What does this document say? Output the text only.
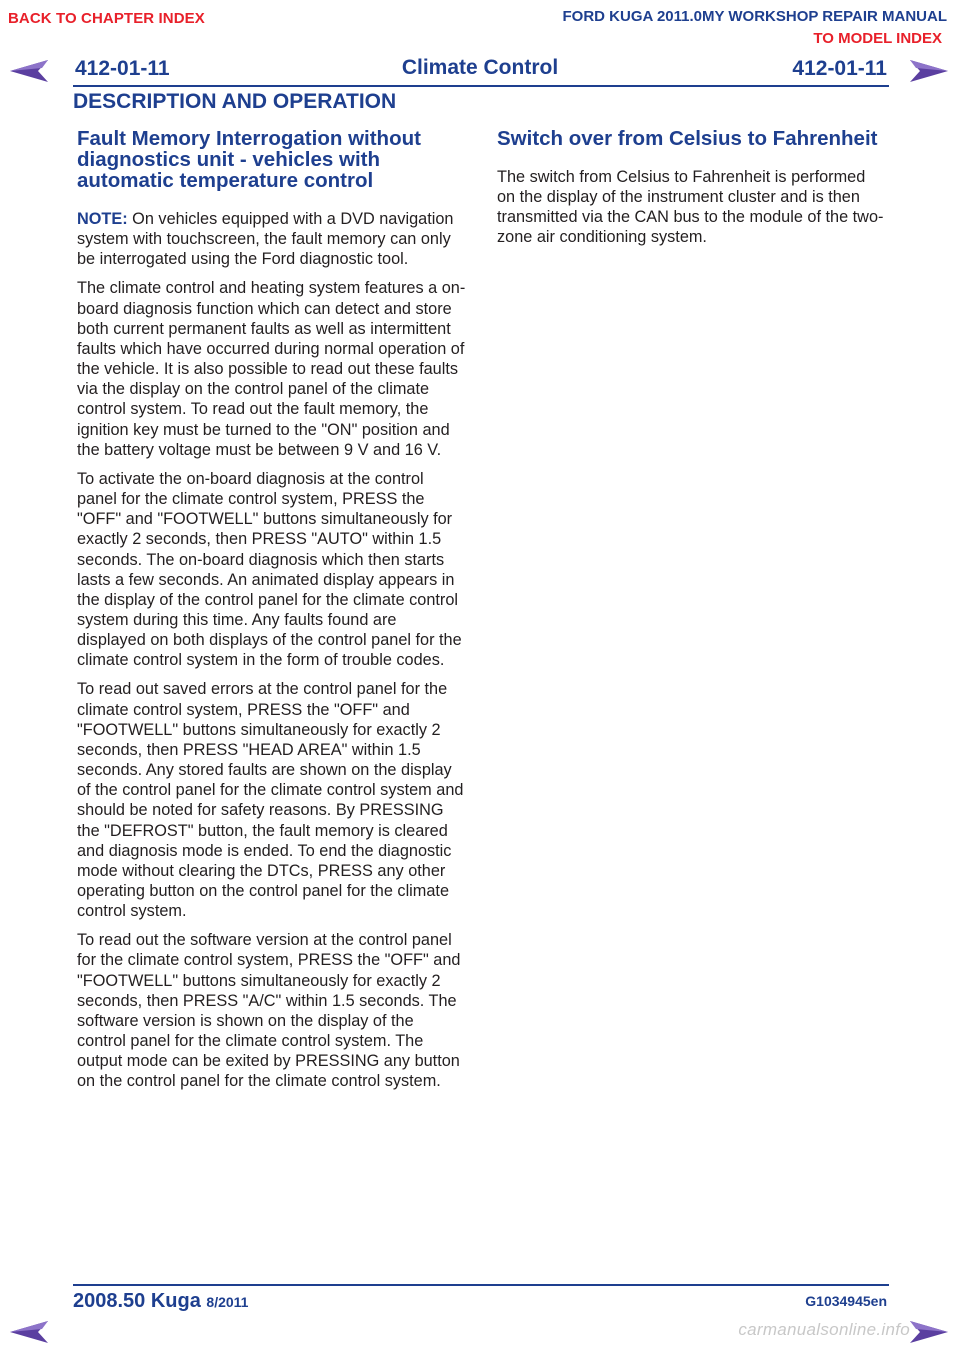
BACK TO CHAPTER INDEX	FORD KUGA 2011.0MY WORKSHOP REPAIR MANUAL
TO MODEL INDEX
412-01-11	Climate Control	412-01-11
DESCRIPTION AND OPERATION
Fault Memory Interrogation without diagnostics unit - vehicles with automatic temperature control

NOTE: On vehicles equipped with a DVD navigation system with touchscreen, the fault memory can only be interrogated using the Ford diagnostic tool.

The climate control and heating system features a on-board diagnosis function which can detect and store both current permanent faults as well as intermittent faults which have occurred during normal operation of the vehicle. It is also possible to read out these faults via the display on the control panel of the climate control system. To read out the fault memory, the ignition key must be turned to the "ON" position and the battery voltage must be between 9 V and 16 V.

To activate the on-board diagnosis at the control panel for the climate control system, PRESS the "OFF" and "FOOTWELL" buttons simultaneously for exactly 2 seconds, then PRESS "AUTO" within 1.5 seconds. The on-board diagnosis which then starts lasts a few seconds. An animated display appears in the display of the control panel for the climate control system during this time. Any faults found are displayed on both displays of the control panel for the climate control system in the form of trouble codes.

To read out saved errors at the control panel for the climate control system, PRESS the "OFF" and "FOOTWELL" buttons simultaneously for exactly 2 seconds, then PRESS "HEAD AREA" within 1.5 seconds. Any stored faults are shown on the display of the control panel for the climate control system and should be noted for safety reasons. By PRESSING the "DEFROST" button, the fault memory is cleared and diagnosis mode is ended. To end the diagnostic mode without clearing the DTCs, PRESS any other operating button on the control panel for the climate control system.

To read out the software version at the control panel for the climate control system, PRESS the "OFF" and "FOOTWELL" buttons simultaneously for exactly 2 seconds, then PRESS "A/C" within 1.5 seconds. The software version is shown on the display of the control panel for the climate control system. The output mode can be exited by PRESSING any button on the control panel for the climate control system.

Switch over from Celsius to Fahrenheit

The switch from Celsius to Fahrenheit is performed on the display of the instrument cluster and is then transmitted via the CAN bus to the module of the two-zone air conditioning system.

2008.50 Kuga 8/2011	G1034945en
carmanualsonline.info
